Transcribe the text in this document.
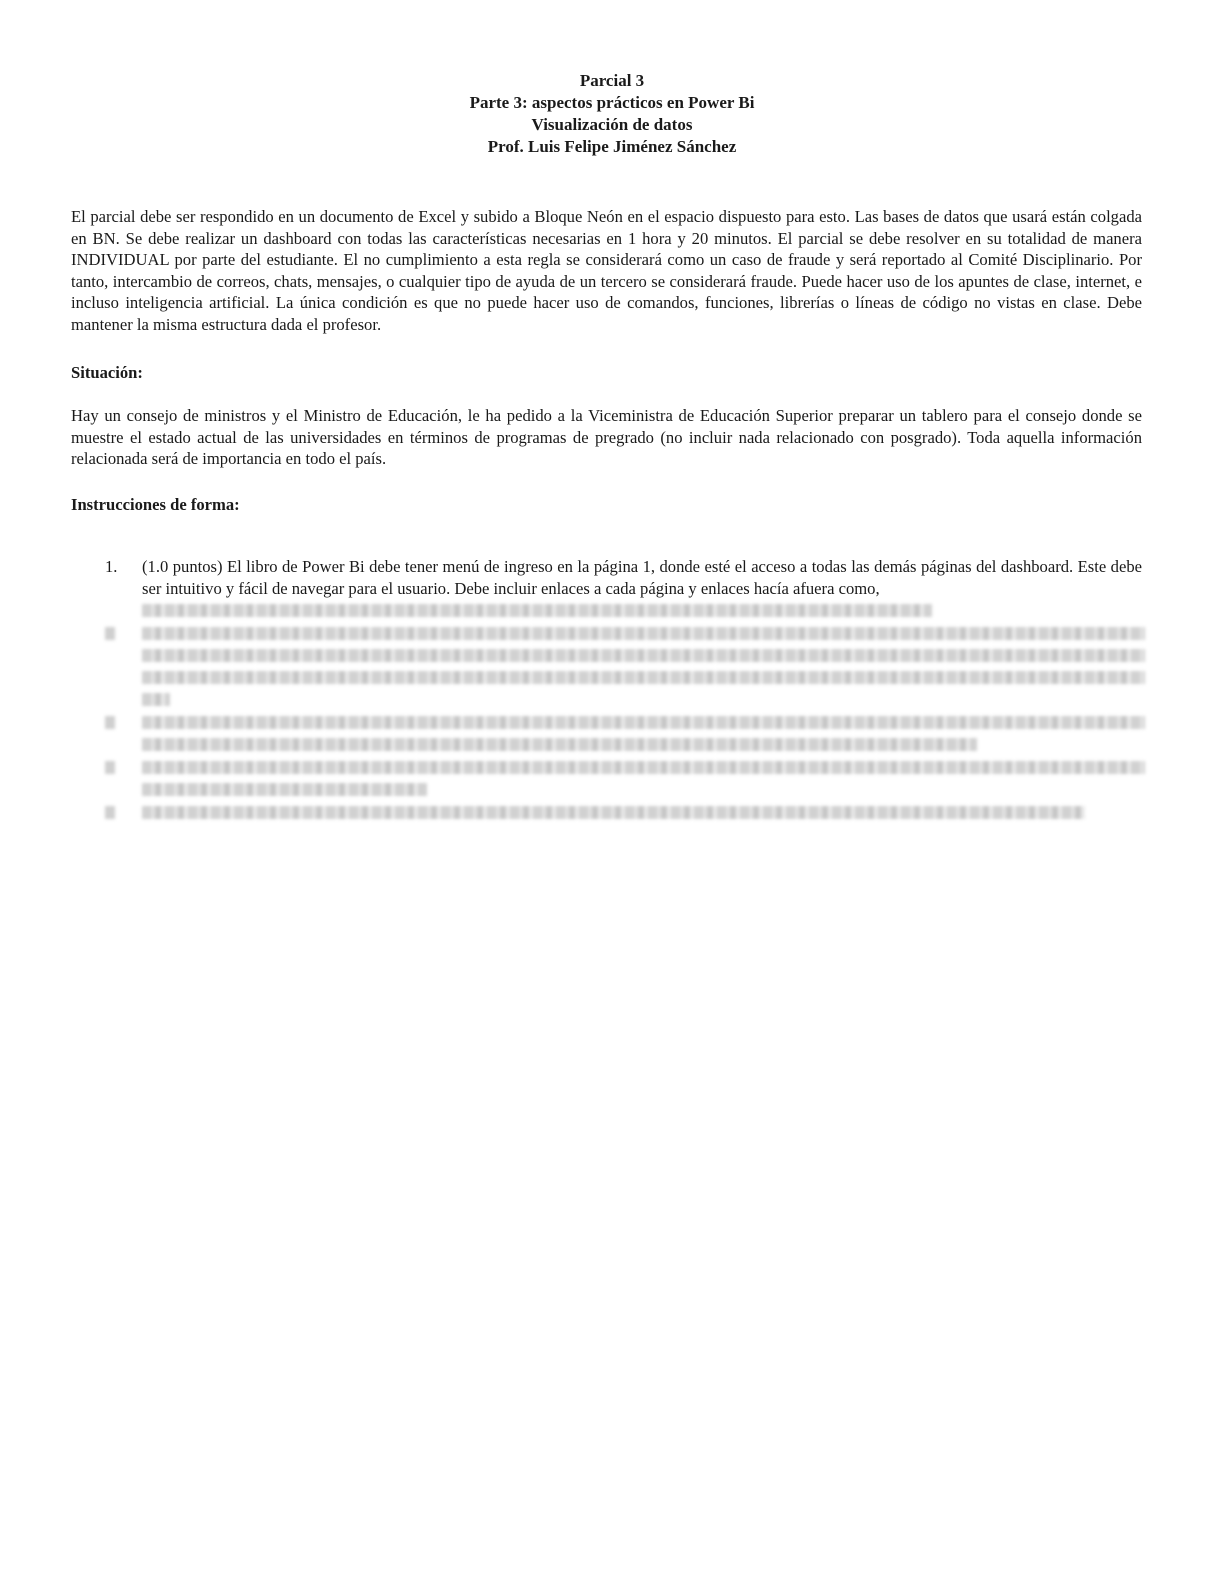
Parcial 3
Parte 3: aspectos prácticos en Power Bi
Visualización de datos
Prof. Luis Felipe Jiménez Sánchez
El parcial debe ser respondido en un documento de Excel y subido a Bloque Neón en el espacio dispuesto para esto. Las bases de datos que usará están colgada en BN. Se debe realizar un dashboard con todas las características necesarias en 1 hora y 20 minutos. El parcial se debe resolver en su totalidad de manera INDIVIDUAL por parte del estudiante. El no cumplimiento a esta regla se considerará como un caso de fraude y será reportado al Comité Disciplinario. Por tanto, intercambio de correos, chats, mensajes, o cualquier tipo de ayuda de un tercero se considerará fraude. Puede hacer uso de los apuntes de clase, internet, e incluso inteligencia artificial. La única condición es que no puede hacer uso de comandos, funciones, librerías o líneas de código no vistas en clase. Debe mantener la misma estructura dada el profesor.
Situación:
Hay un consejo de ministros y el Ministro de Educación, le ha pedido a la Viceministra de Educación Superior preparar un tablero para el consejo donde se muestre el estado actual de las universidades en términos de programas de pregrado (no incluir nada relacionado con posgrado). Toda aquella información relacionada será de importancia en todo el país.
Instrucciones de forma:
1. (1.0 puntos) El libro de Power Bi debe tener menú de ingreso en la página 1, donde esté el acceso a todas las demás páginas del dashboard. Este debe ser intuitivo y fácil de navegar para el usuario. Debe incluir enlaces a cada página y enlaces hacía afuera como,
